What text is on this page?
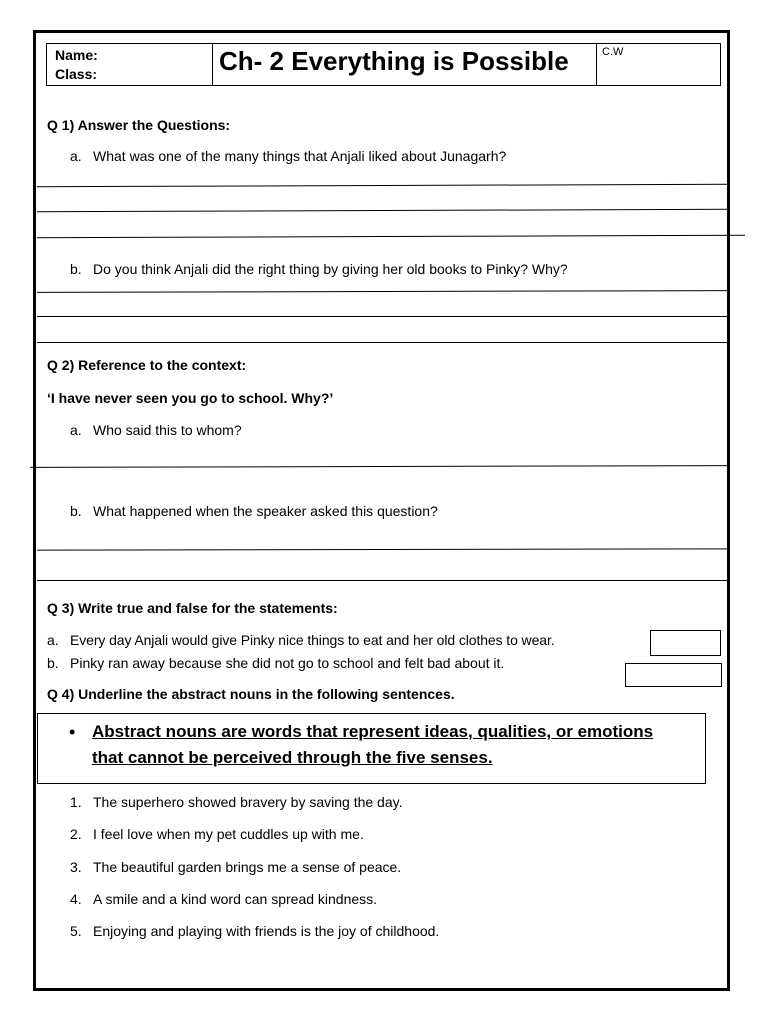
Name:
Class:	Ch- 2 Everything is Possible	C.W
Q 1) Answer the Questions:
a. What was one of the many things that Anjali liked about Junagarh?
b. Do you think Anjali did the right thing by giving her old books to Pinky? Why?
Q 2) Reference to the context:
‘I have never seen you go to school. Why?’
a. Who said this to whom?
b. What happened when the speaker asked this question?
Q 3) Write true and false for the statements:
a. Every day Anjali would give Pinky nice things to eat and her old clothes to wear.
b. Pinky ran away because she did not go to school and felt bad about it.
Q 4) Underline the abstract nouns in the following sentences.
• Abstract nouns are words that represent ideas, qualities, or emotions
that cannot be perceived through the five senses.
1. The superhero showed bravery by saving the day.
2. I feel love when my pet cuddles up with me.
3. The beautiful garden brings me a sense of peace.
4. A smile and a kind word can spread kindness.
5. Enjoying and playing with friends is the joy of childhood.
